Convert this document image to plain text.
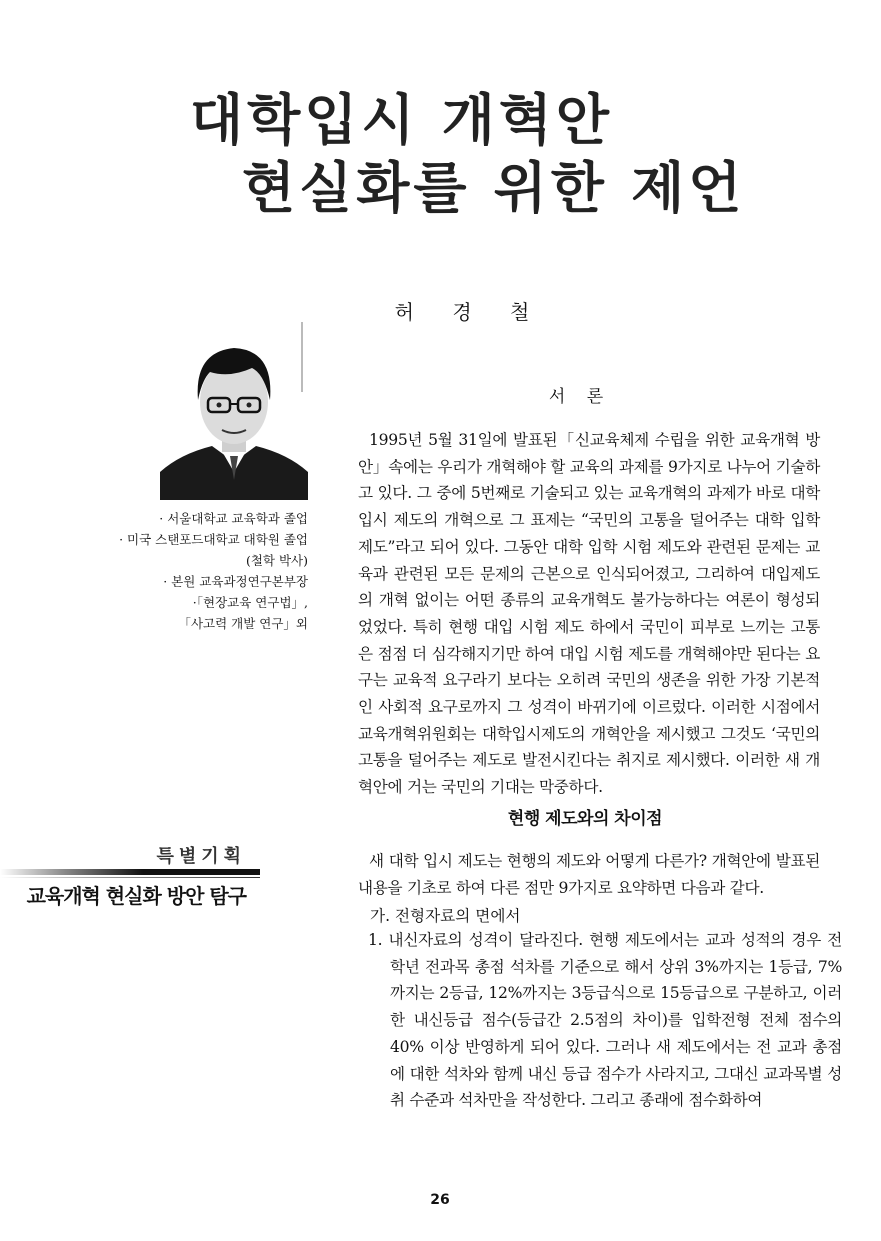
대학입시 개혁안
현실화를 위한 제언
허 경 철
· 서울대학교 교육학과 졸업
· 미국 스탠포드대학교 대학원 졸업
(철학 박사)
· 본원 교육과정연구본부장
·「현장교육 연구법」,
「사고력 개발 연구」외
서 론

1995년 5월 31일에 발표된「신교육체제 수립을 위한 교육개혁 방안」속에는 우리가 개혁해야 할 교육의 과제를 9가지로 나누어 기술하고 있다. 그 중에 5번째로 기술되고 있는 교육개혁의 과제가 바로 대학입시 제도의 개혁으로 그 표제는 “국민의 고통을 덜어주는 대학 입학 제도”라고 되어 있다. 그동안 대학 입학 시험 제도와 관련된 문제는 교육과 관련된 모든 문제의 근본으로 인식되어졌고, 그리하여 대입제도의 개혁 없이는 어떤 종류의 교육개혁도 불가능하다는 여론이 형성되었었다. 특히 현행 대입 시험 제도 하에서 국민이 피부로 느끼는 고통은 점점 더 심각해지기만 하여 대입 시험 제도를 개혁해야만 된다는 요구는 교육적 요구라기 보다는 오히려 국민의 생존을 위한 가장 기본적인 사회적 요구로까지 그 성격이 바뀌기에 이르렀다. 이러한 시점에서 교육개혁위원회는 대학입시제도의 개혁안을 제시했고 그것도 ‘국민의 고통을 덜어주는 제도로 발전시킨다는 취지로 제시했다. 이러한 새 개혁안에 거는 국민의 기대는 막중하다.

현행 제도와의 차이점

새 대학 입시 제도는 현행의 제도와 어떻게 다른가? 개혁안에 발표된 내용을 기초로 하여 다른 점만 9가지로 요약하면 다음과 같다.

가. 전형자료의 면에서

1. 내신자료의 성격이 달라진다. 현행 제도에서는 교과 성적의 경우 전학년 전과목 총점 석차를 기준으로 해서 상위 3%까지는 1등급, 7%까지는 2등급, 12%까지는 3등급식으로 15등급으로 구분하고, 이러한 내신등급 점수(등급간 2.5점의 차이)를 입학전형 전체 점수의 40% 이상 반영하게 되어 있다. 그러나 새 제도에서는 전 교과 총점에 대한 석차와 함께 내신 등급 점수가 사라지고, 그대신 교과목별 성취 수준과 석차만을 작성한다. 그리고 종래에 점수화하여

특별기획
교육개혁 현실화 방안 탐구
26
